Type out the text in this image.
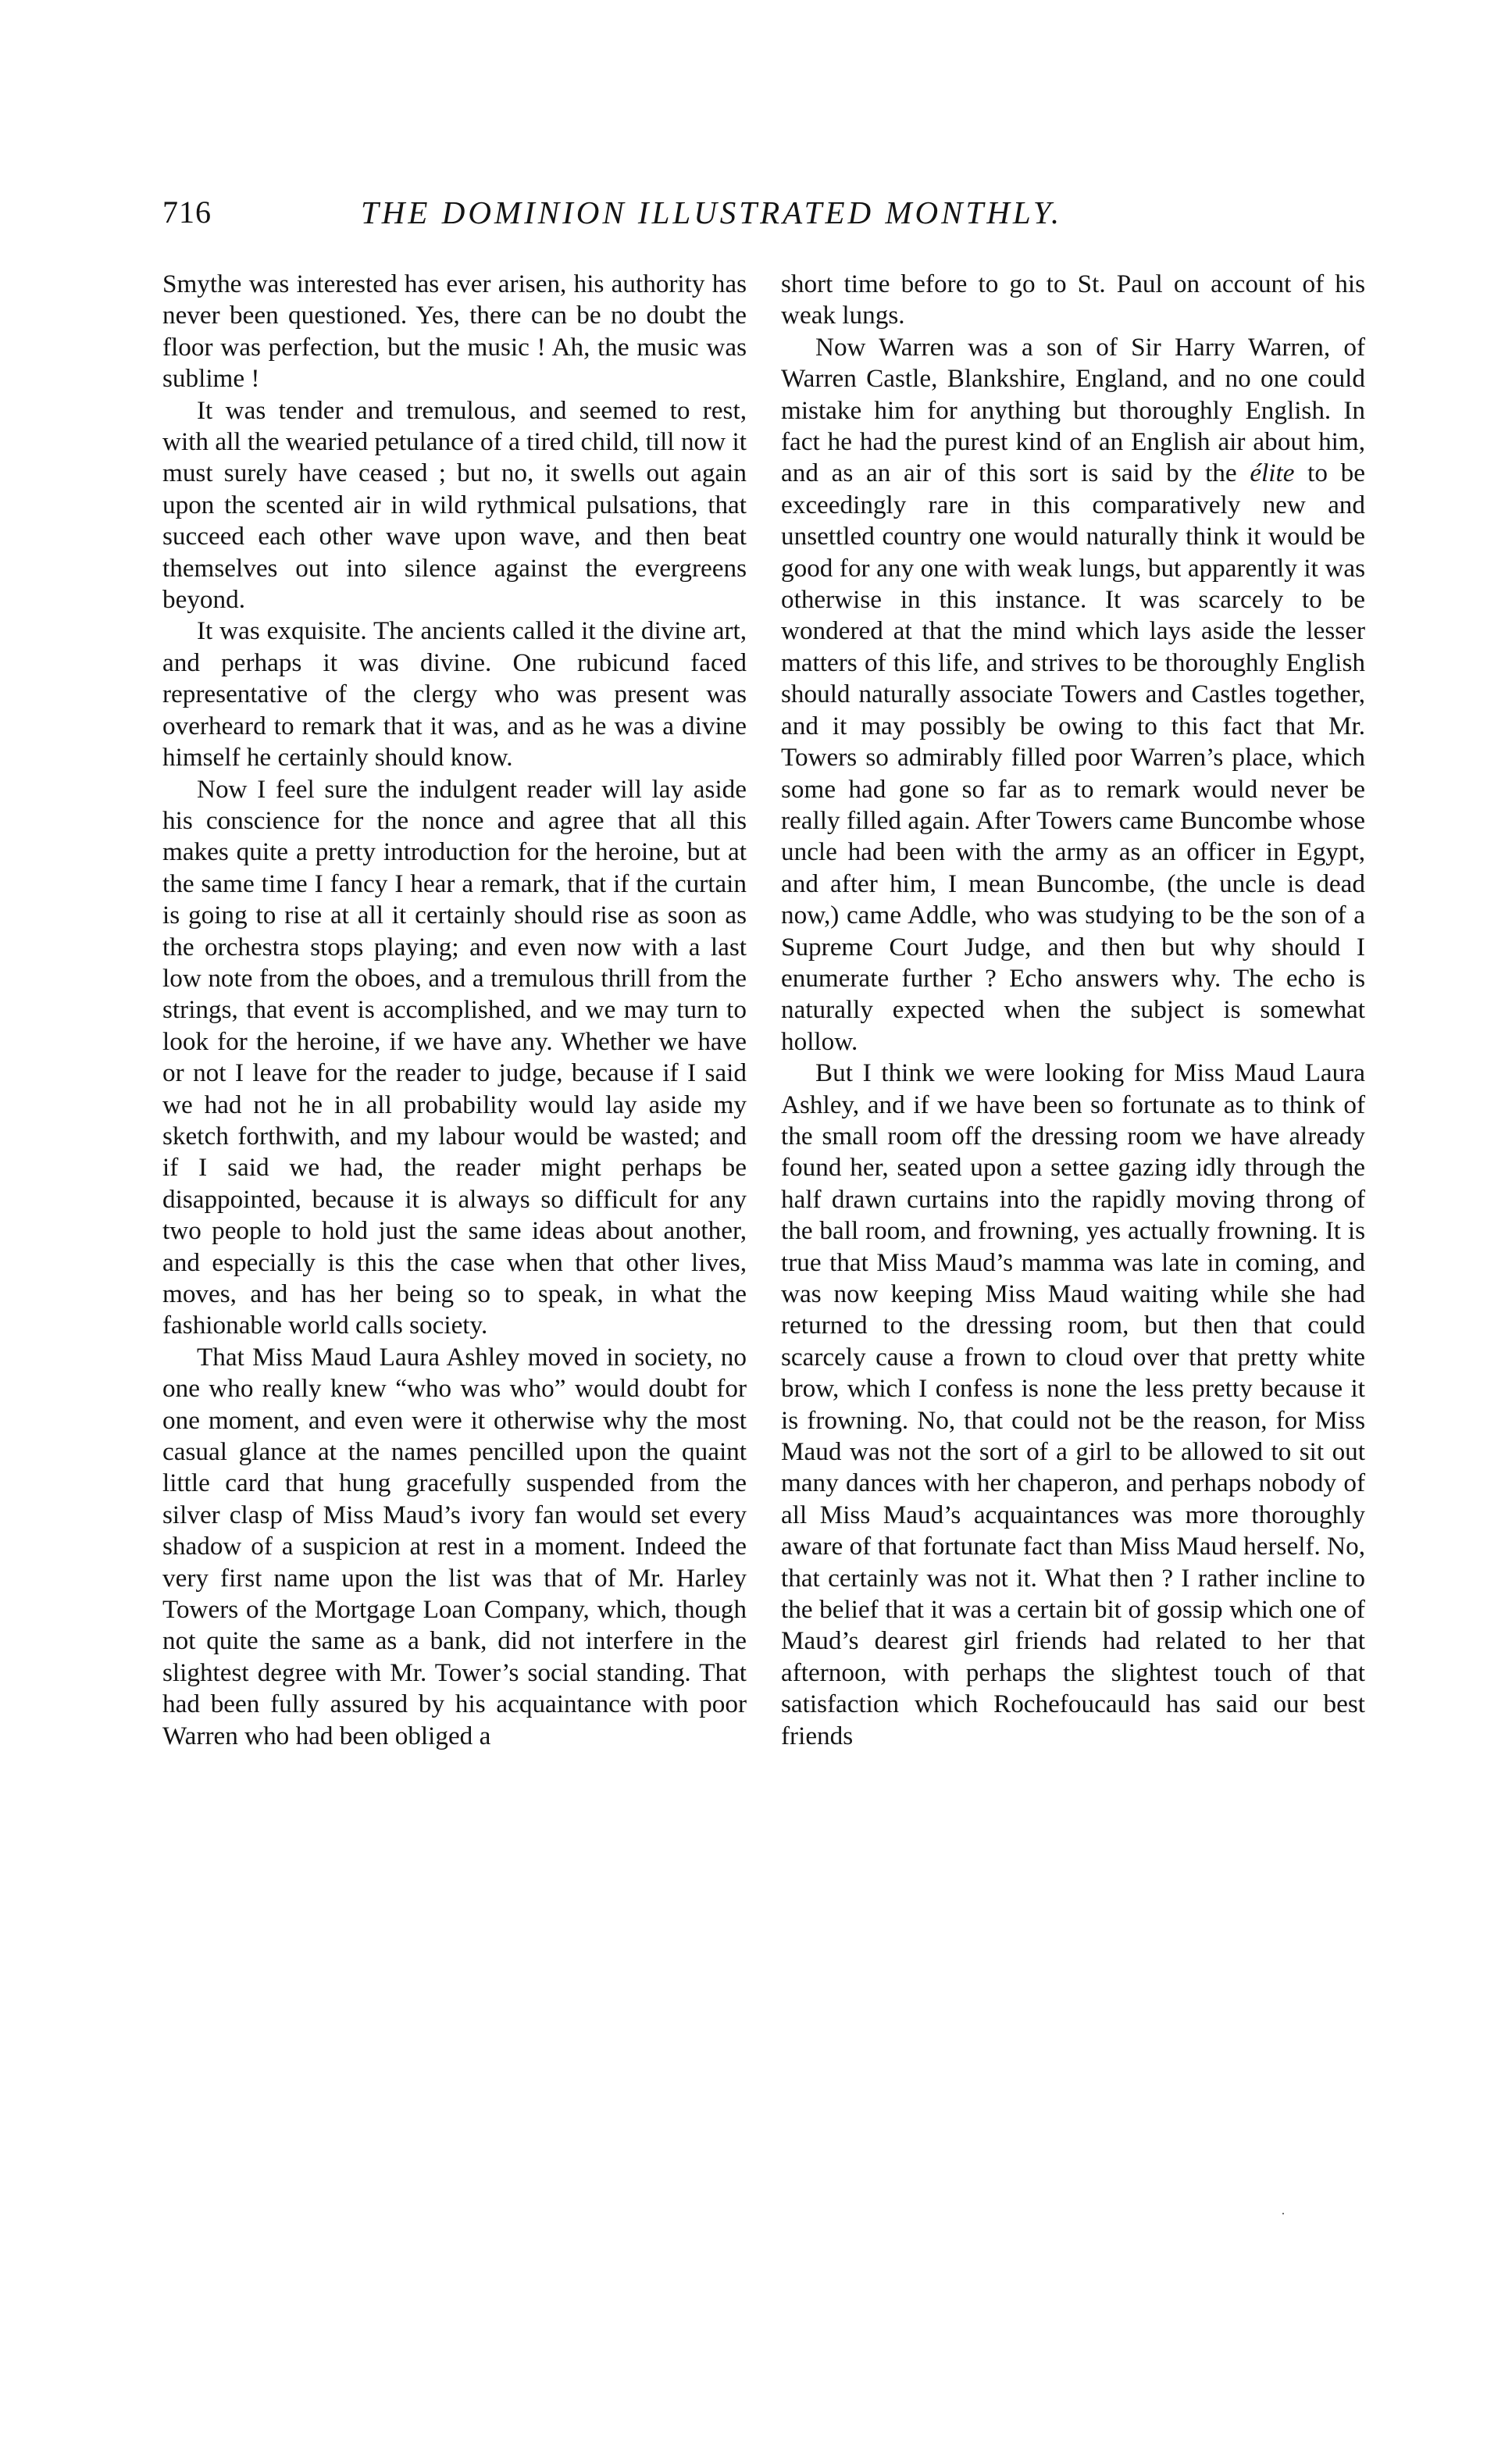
716	THE DOMINION ILLUSTRATED MONTHLY.

Smythe was interested has ever arisen, his authority has never been questioned. Yes, there can be no doubt the floor was perfection, but the music ! Ah, the music was sublime !

It was tender and tremulous, and seemed to rest, with all the wearied petulance of a tired child, till now it must surely have ceased ; but no, it swells out again upon the scented air in wild rythmical pulsations, that succeed each other wave upon wave, and then beat themselves out into silence against the evergreens beyond.

It was exquisite. The ancients called it the divine art, and perhaps it was divine. One rubicund faced representative of the clergy who was present was overheard to remark that it was, and as he was a divine himself he certainly should know.

Now I feel sure the indulgent reader will lay aside his conscience for the nonce and agree that all this makes quite a pretty introduction for the heroine, but at the same time I fancy I hear a remark, that if the curtain is going to rise at all it certainly should rise as soon as the orchestra stops playing; and even now with a last low note from the oboes, and a tremulous thrill from the strings, that event is accomplished, and we may turn to look for the heroine, if we have any. Whether we have or not I leave for the reader to judge, because if I said we had not he in all probability would lay aside my sketch forthwith, and my labour would be wasted; and if I said we had, the reader might perhaps be disappointed, because it is always so difficult for any two people to hold just the same ideas about another, and especially is this the case when that other lives, moves, and has her being so to speak, in what the fashionable world calls society.

That Miss Maud Laura Ashley moved in society, no one who really knew “who was who” would doubt for one moment, and even were it otherwise why the most casual glance at the names pencilled upon the quaint little card that hung gracefully suspended from the silver clasp of Miss Maud’s ivory fan would set every shadow of a suspicion at rest in a moment. Indeed the very first name upon the list was that of Mr. Harley Towers of the Mortgage Loan Company, which, though not quite the same as a bank, did not interfere in the slightest degree with Mr. Tower’s social standing. That had been fully assured by his acquaintance with poor Warren who had been obliged a

short time before to go to St. Paul on account of his weak lungs.

Now Warren was a son of Sir Harry Warren, of Warren Castle, Blankshire, England, and no one could mistake him for anything but thoroughly English. In fact he had the purest kind of an English air about him, and as an air of this sort is said by the élite to be exceedingly rare in this comparatively new and unsettled country one would naturally think it would be good for any one with weak lungs, but apparently it was otherwise in this instance. It was scarcely to be wondered at that the mind which lays aside the lesser matters of this life, and strives to be thoroughly English should naturally associate Towers and Castles together, and it may possibly be owing to this fact that Mr. Towers so admirably filled poor Warren’s place, which some had gone so far as to remark would never be really filled again. After Towers came Buncombe whose uncle had been with the army as an officer in Egypt, and after him, I mean Buncombe, (the uncle is dead now,) came Addle, who was studying to be the son of a Supreme Court Judge, and then but why should I enumerate further ? Echo answers why. The echo is naturally expected when the subject is somewhat hollow.

But I think we were looking for Miss Maud Laura Ashley, and if we have been so fortunate as to think of the small room off the dressing room we have already found her, seated upon a settee gazing idly through the half drawn curtains into the rapidly moving throng of the ball room, and frowning, yes actually frowning. It is true that Miss Maud’s mamma was late in coming, and was now keeping Miss Maud waiting while she had returned to the dressing room, but then that could scarcely cause a frown to cloud over that pretty white brow, which I confess is none the less pretty because it is frowning. No, that could not be the reason, for Miss Maud was not the sort of a girl to be allowed to sit out many dances with her chaperon, and perhaps nobody of all Miss Maud’s acquaintances was more thoroughly aware of that fortunate fact than Miss Maud herself. No, that certainly was not it. What then ? I rather incline to the belief that it was a certain bit of gossip which one of Maud’s dearest girl friends had related to her that afternoon, with perhaps the slightest touch of that satisfaction which Rochefoucauld has said our best friends

·
